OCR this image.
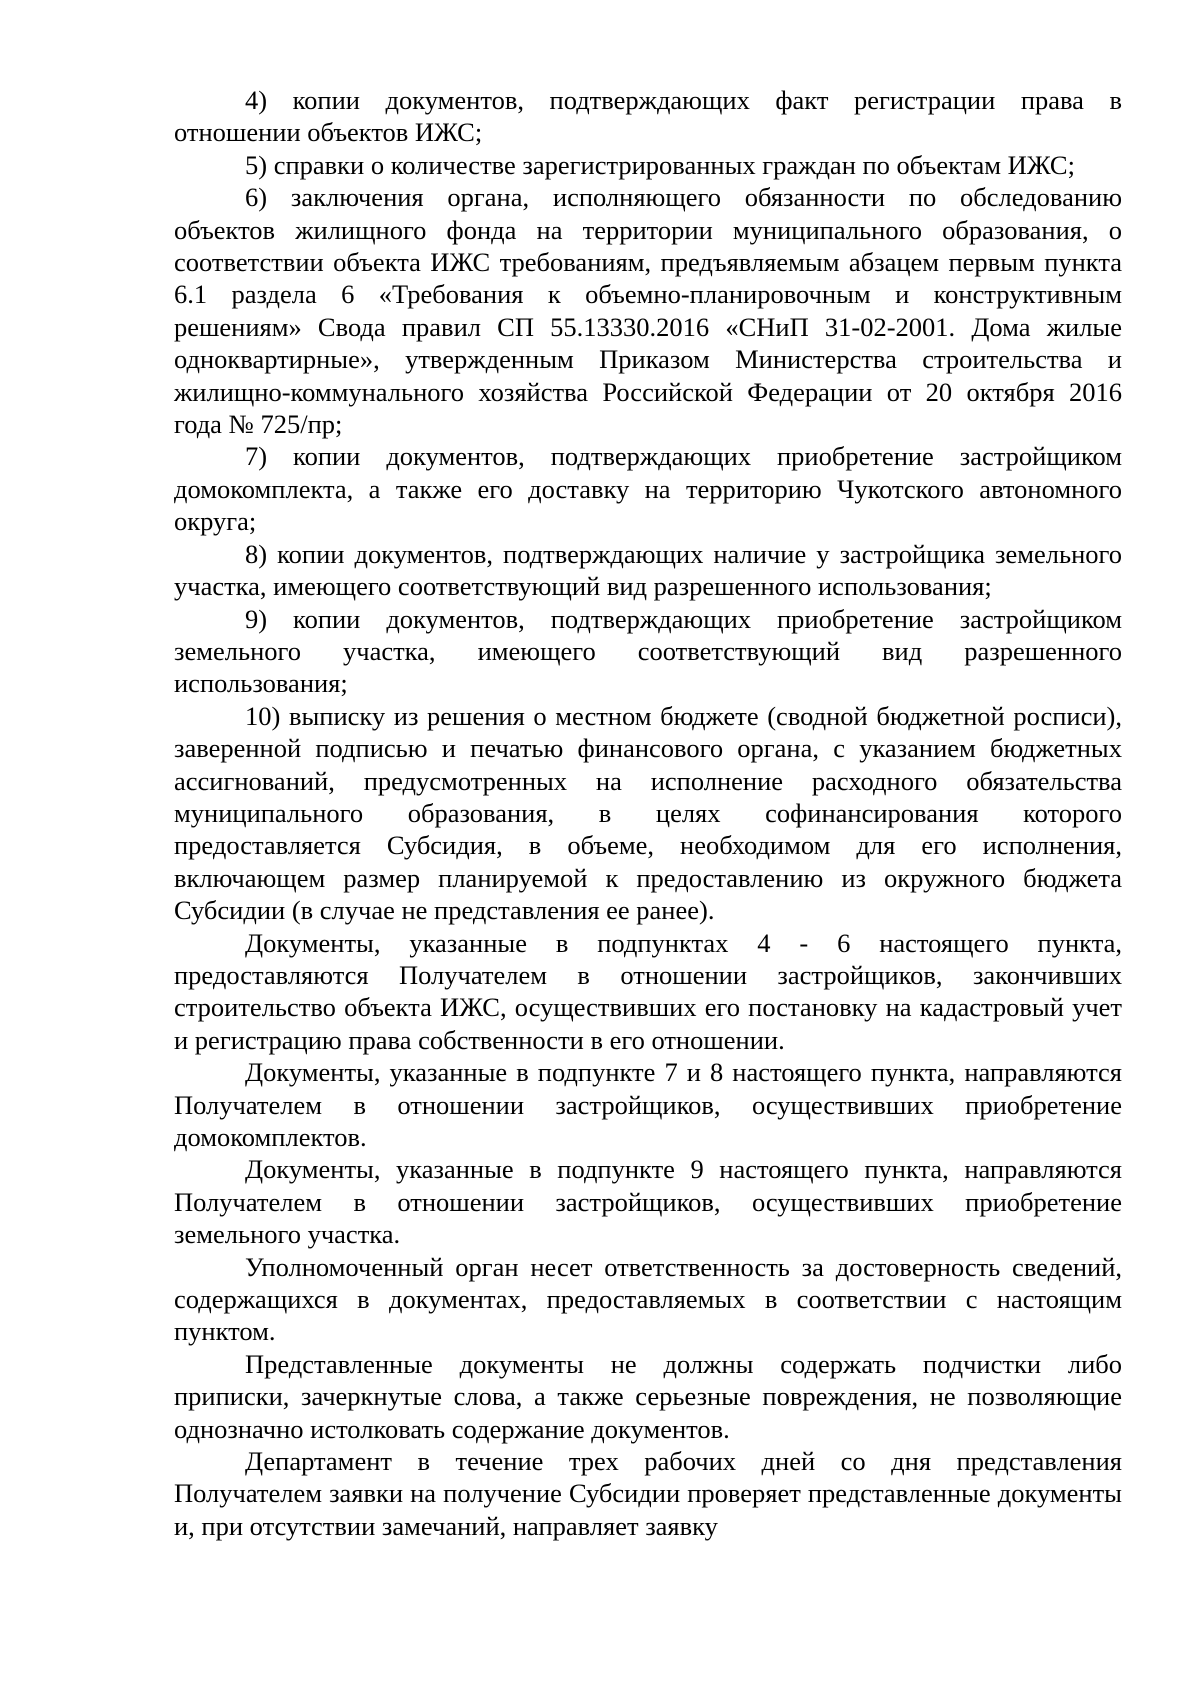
4) копии документов, подтверждающих факт регистрации права в отношении объектов ИЖС;

5) справки о количестве зарегистрированных граждан по объектам ИЖС;

6) заключения органа, исполняющего обязанности по обследованию объектов жилищного фонда на территории муниципального образования, о соответствии объекта ИЖС требованиям, предъявляемым абзацем первым пункта 6.1 раздела 6 «Требования к объемно-планировочным и конструктивным решениям» Свода правил СП 55.13330.2016 «СНиП 31-02-2001. Дома жилые одноквартирные», утвержденным Приказом Министерства строительства и жилищно-коммунального хозяйства Российской Федерации от 20 октября 2016 года № 725/пр;

7) копии документов, подтверждающих приобретение застройщиком домокомплекта, а также его доставку на территорию Чукотского автономного округа;

8) копии документов, подтверждающих наличие у застройщика земельного участка, имеющего соответствующий вид разрешенного использования;

9) копии документов, подтверждающих приобретение застройщиком земельного участка, имеющего соответствующий вид разрешенного использования;

10) выписку из решения о местном бюджете (сводной бюджетной росписи), заверенной подписью и печатью финансового органа, с указанием бюджетных ассигнований, предусмотренных на исполнение расходного обязательства муниципального образования, в целях софинансирования которого предоставляется Субсидия, в объеме, необходимом для его исполнения, включающем размер планируемой к предоставлению из окружного бюджета Субсидии (в случае не представления ее ранее).

Документы, указанные в подпунктах 4 - 6 настоящего пункта, предоставляются Получателем в отношении застройщиков, закончивших строительство объекта ИЖС, осуществивших его постановку на кадастровый учет и регистрацию права собственности в его отношении.

Документы, указанные в подпункте 7 и 8 настоящего пункта, направляются Получателем в отношении застройщиков, осуществивших приобретение домокомплектов.

Документы, указанные в подпункте 9 настоящего пункта, направляются Получателем в отношении застройщиков, осуществивших приобретение земельного участка.

Уполномоченный орган несет ответственность за достоверность сведений, содержащихся в документах, предоставляемых в соответствии с настоящим пунктом.

Представленные документы не должны содержать подчистки либо приписки, зачеркнутые слова, а также серьезные повреждения, не позволяющие однозначно истолковать содержание документов.

Департамент в течение трех рабочих дней со дня представления Получателем заявки на получение Субсидии проверяет представленные документы и, при отсутствии замечаний, направляет заявку
